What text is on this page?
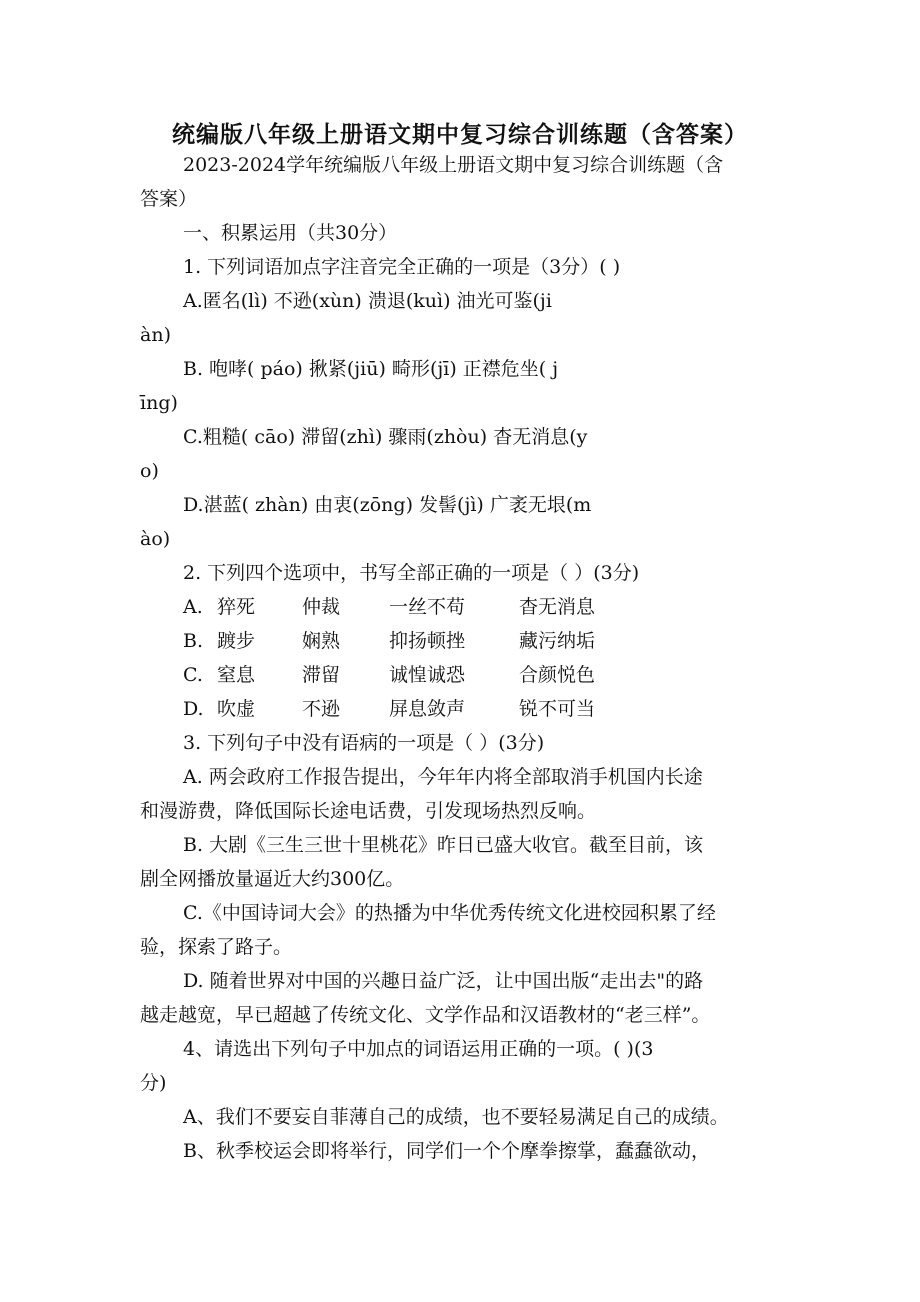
统编版八年级上册语文期中复习综合训练题（含答案）
2023-2024学年统编版八年级上册语文期中复习综合训练题（含
答案）
一、积累运用（共30分）
1. 下列词语加点字注音完全正确的一项是（3分）( )
A.匿名(lì) 不逊(xùn) 溃退(kuì) 油光可鉴(ji
àn)
B. 咆哮( páo) 揪紧(jiū) 畸形(jī) 正襟危坐( j
īng)
C.粗糙( cāo) 滞留(zhì) 骤雨(zhòu) 杳无消息(y
o)
D.湛蓝( zhàn) 由衷(zōng) 发髻(jì) 广袤无垠(m
ào)
2. 下列四个选项中，书写全部正确的一项是（ ）(3分)
A. 猝死 仲裁	一丝不苟	杳无消息
B. 踱步 娴熟	抑扬顿挫	藏污纳垢
C. 窒息 滞留	诚惶诚恐	合颜悦色
D. 吹虚 不逊	屏息敛声	锐不可当
3. 下列句子中没有语病的一项是（ ）(3分)
A. 两会政府工作报告提出，今年年内将全部取消手机国内长途
和漫游费，降低国际长途电话费，引发现场热烈反响。
B. 大剧《三生三世十里桃花》昨日已盛大收官。截至目前，该
剧全网播放量逼近大约300亿。
C.《中国诗词大会》的热播为中华优秀传统文化进校园积累了经
验，探索了路子。
D. 随着世界对中国的兴趣日益广泛，让中国出版“走出去"的路
越走越宽，早已超越了传统文化、文学作品和汉语教材的“老三样”。
4、请选出下列句子中加点的词语运用正确的一项。( )(3
分)
A、我们不要妄自菲薄自己的成绩，也不要轻易满足自己的成绩。
B、秋季校运会即将举行，同学们一个个摩拳擦掌，蠢蠢欲动，
